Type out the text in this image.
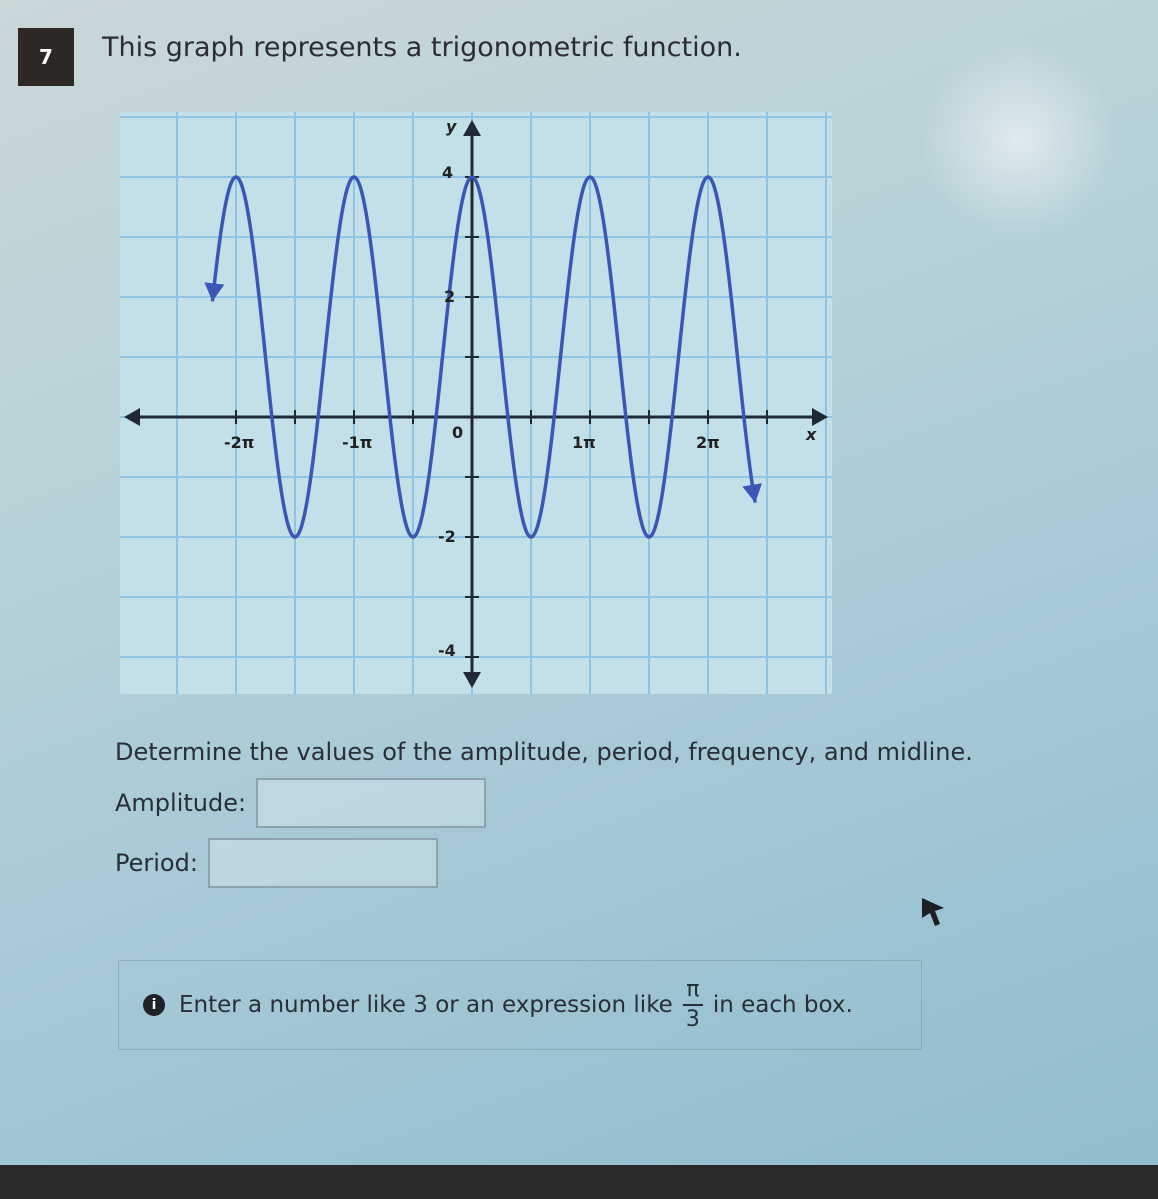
7	This graph represents a trigonometric function.
-2π	-1π
0
1π	2π
4
2
-2
-4
y
x
Determine the values of the amplitude, period, frequency, and midline.
Amplitude:
Period:
i Enter a number like 3 or an expression like $\frac{\pi}{3}$ in each box.
